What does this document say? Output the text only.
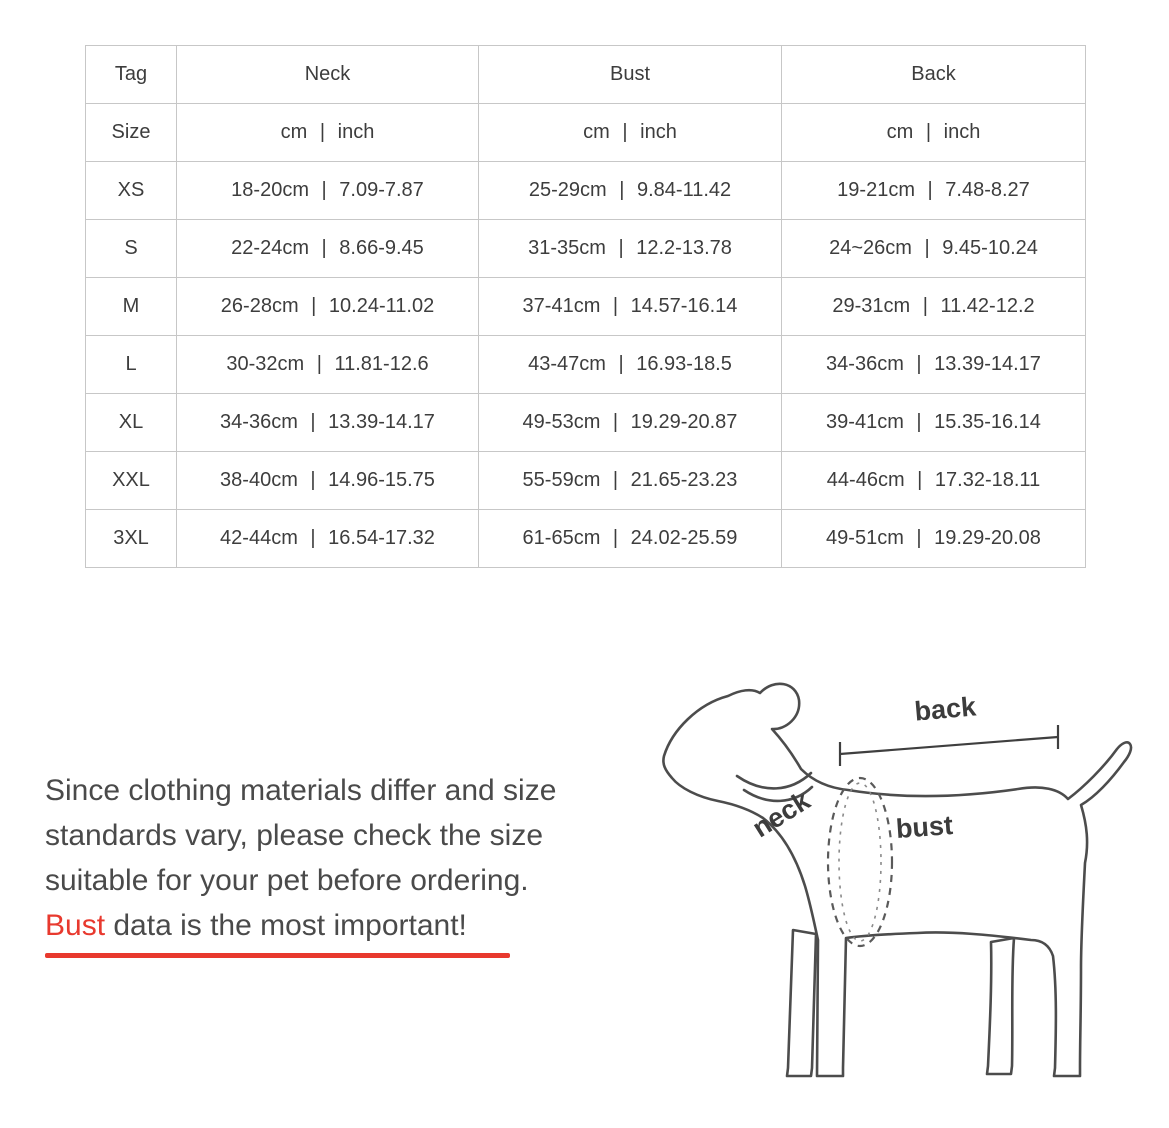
Tag	Neck	Bust	Back
Size	cm | inch	cm | inch	cm | inch
XS	18-20cm | 7.09-7.87	25-29cm | 9.84-11.42	19-21cm | 7.48-8.27
S	22-24cm | 8.66-9.45	31-35cm | 12.2-13.78	24~26cm | 9.45-10.24
M	26-28cm | 10.24-11.02	37-41cm | 14.57-16.14	29-31cm | 11.42-12.2
L	30-32cm | 11.81-12.6	43-47cm | 16.93-18.5	34-36cm | 13.39-14.17
XL	34-36cm | 13.39-14.17	49-53cm | 19.29-20.87	39-41cm | 15.35-16.14
XXL	38-40cm | 14.96-15.75	55-59cm | 21.65-23.23	44-46cm | 17.32-18.11
3XL	42-44cm | 16.54-17.32	61-65cm | 24.02-25.59	49-51cm | 19.29-20.08
Since clothing materials differ and size
standards vary, please check the size
suitable for your pet before ordering.
Bust data is the most important!
back
neck	bust
